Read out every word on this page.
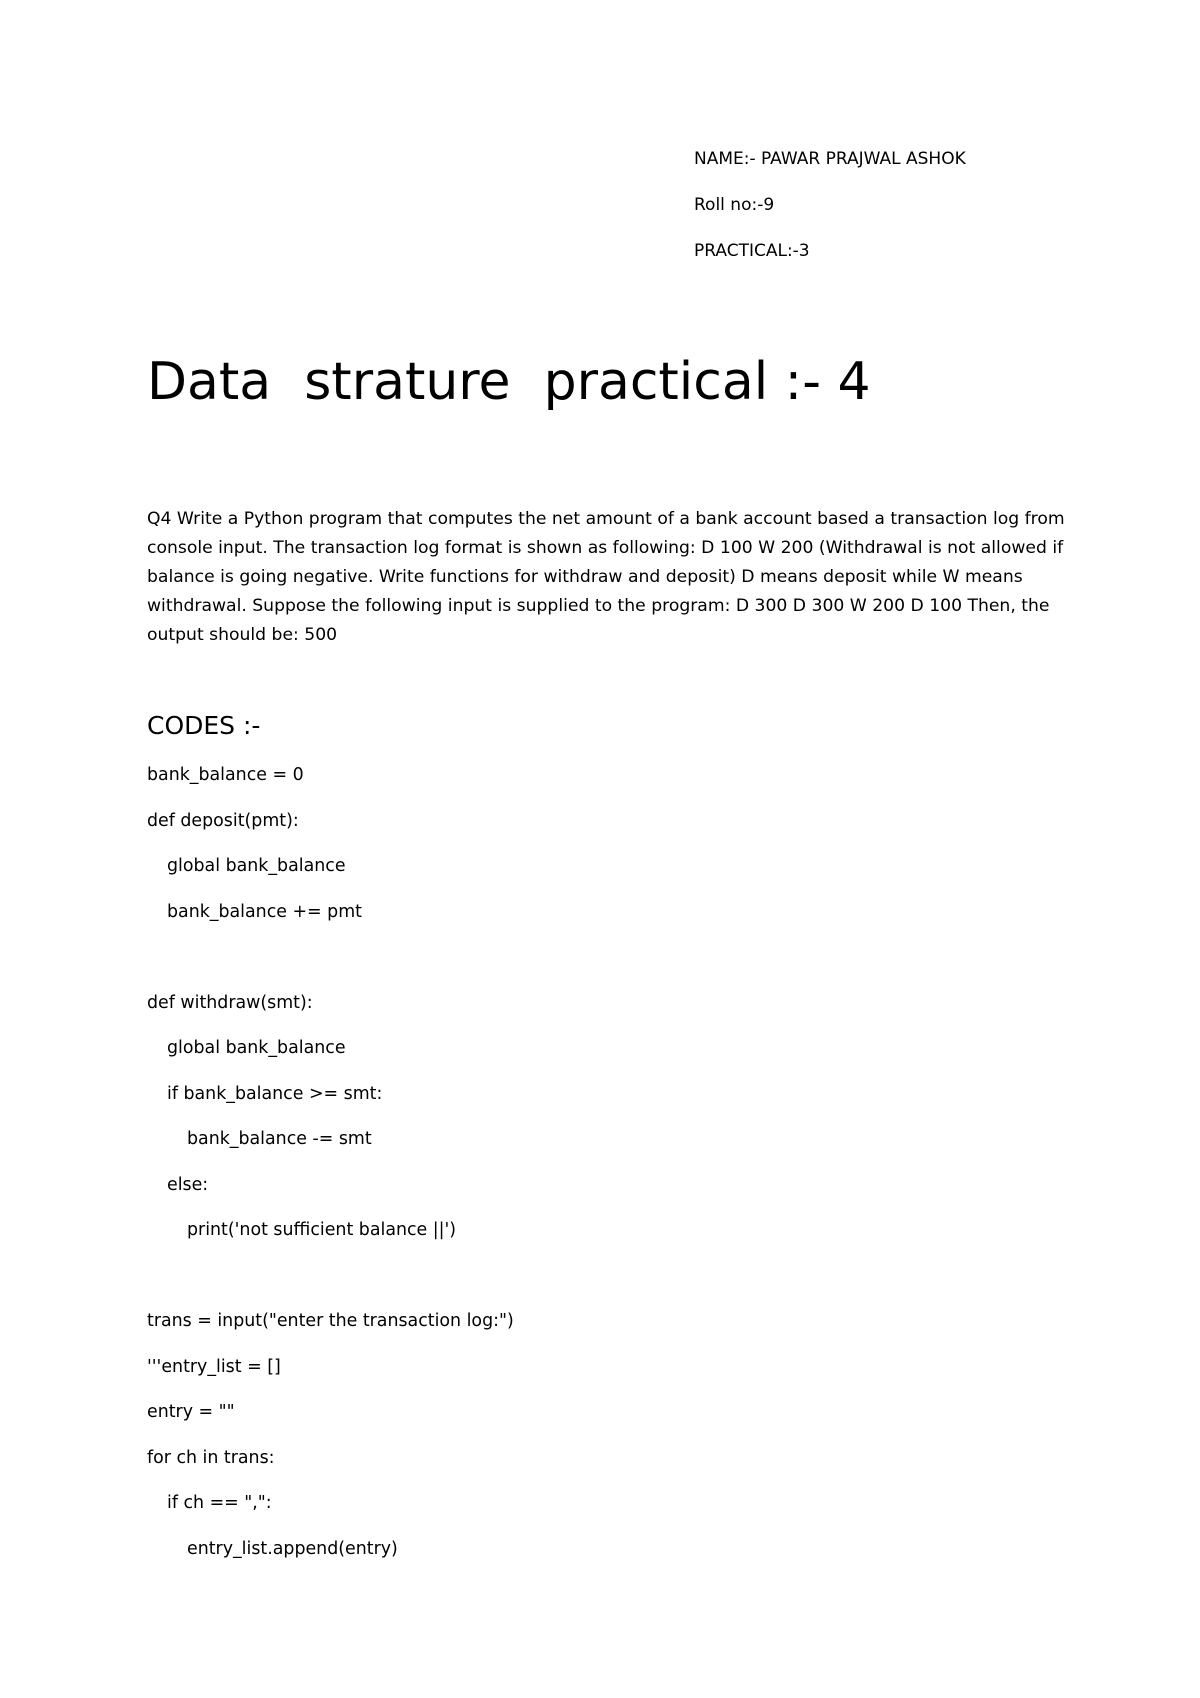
NAME:- PAWAR PRAJWAL ASHOK
Roll no:-9
PRACTICAL:-3
Data  strature  practical :- 4

Q4 Write a Python program that computes the net amount of a bank account based a transaction log from console input. The transaction log format is shown as following: D 100 W 200 (Withdrawal is not allowed if balance is going negative. Write functions for withdraw and deposit) D means deposit while W means withdrawal. Suppose the following input is supplied to the program: D 300 D 300 W 200 D 100 Then, the output should be: 500

CODES :-
bank_balance = 0
def deposit(pmt):
global bank_balance
bank_balance += pmt
def withdraw(smt):
global bank_balance
if bank_balance >= smt:
bank_balance -= smt
else:
print('not sufficient balance ||')
trans = input("enter the transaction log:")
'''entry_list = []
entry = ""
for ch in trans:
if ch == ",":
entry_list.append(entry)
